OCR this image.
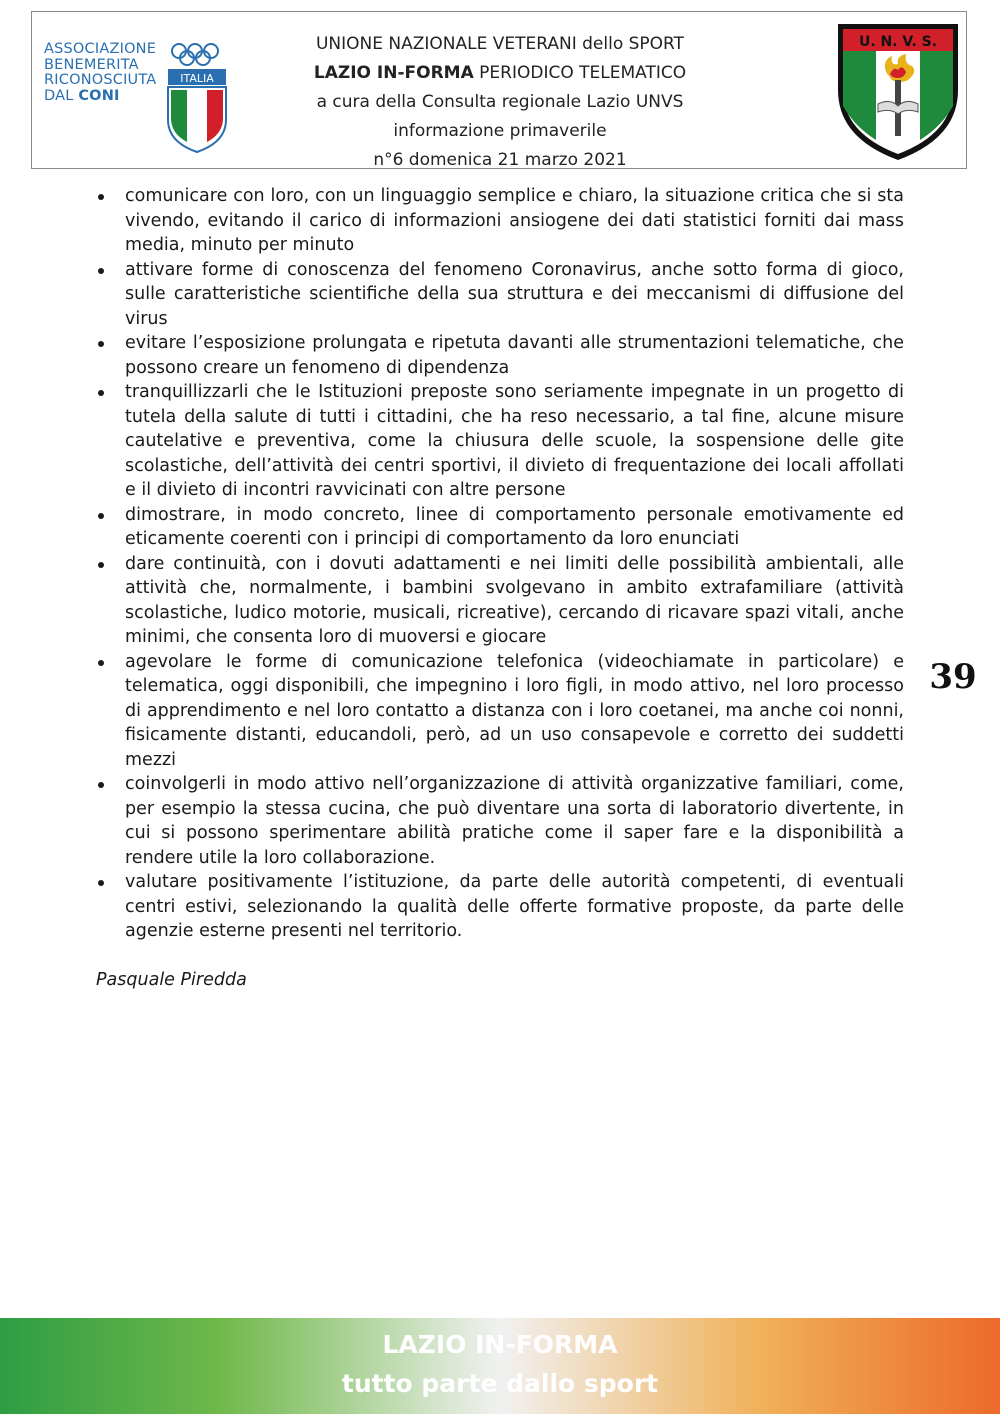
ASSOCIAZIONE
BENEMERITA
RICONOSCIUTA
DAL CONI
ITALIA
UNIONE NAZIONALE VETERANI dello SPORT
LAZIO IN-FORMA PERIODICO TELEMATICO
a cura della Consulta regionale Lazio UNVS
informazione primaverile
n°6 domenica 21 marzo 2021
U. N. V. S.
comunicare con loro, con un linguaggio semplice e chiaro, la situazione critica che si sta vivendo, evitando il carico di informazioni ansiogene dei dati statistici forniti dai mass media, minuto per minuto
attivare forme di conoscenza del fenomeno Coronavirus, anche sotto forma di gioco, sulle caratteristiche scientifiche della sua struttura e dei meccanismi di diffusione del virus
evitare l’esposizione prolungata e ripetuta davanti alle strumentazioni telematiche, che possono creare un fenomeno di dipendenza
tranquillizzarli che le Istituzioni preposte sono seriamente impegnate in un progetto di tutela della salute di tutti i cittadini, che ha reso necessario, a tal fine, alcune misure cautelative e preventiva, come la chiusura delle scuole, la sospensione delle gite scolastiche, dell’attività dei centri sportivi, il divieto di frequentazione dei locali affollati e il divieto di incontri ravvicinati con altre persone
dimostrare, in modo concreto, linee di comportamento personale emotivamente ed eticamente coerenti con i principi di comportamento da loro enunciati
dare continuità, con i dovuti adattamenti e nei limiti delle possibilità ambientali, alle attività che, normalmente, i bambini svolgevano in ambito extrafamiliare (attività scolastiche, ludico motorie, musicali, ricreative), cercando di ricavare spazi vitali, anche minimi, che consenta loro di muoversi e giocare
agevolare le forme di comunicazione telefonica (videochiamate in particolare) e telematica, oggi disponibili, che impegnino i loro figli, in modo attivo, nel loro processo di apprendimento e nel loro contatto a distanza con i loro coetanei, ma anche coi nonni, fisicamente distanti, educandoli, però, ad un uso consapevole e corretto dei suddetti mezzi
coinvolgerli in modo attivo nell’organizzazione di attività organizzative familiari, come, per esempio la stessa cucina, che può diventare una sorta di laboratorio divertente, in cui si possono sperimentare abilità pratiche come il saper fare e la disponibilità a rendere utile la loro collaborazione.
valutare positivamente l’istituzione, da parte delle autorità competenti, di eventuali centri estivi, selezionando la qualità delle offerte formative proposte, da parte delle agenzie esterne presenti nel territorio.
Pasquale Piredda
39
LAZIO IN-FORMA
tutto parte dallo sport
